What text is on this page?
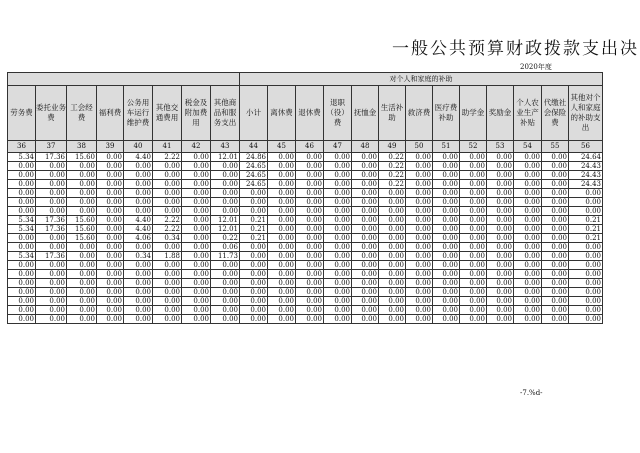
一般公共预算财政拨款支出决
2020年度
								对个人和家庭的补助												
劳务费	委托业务费	工会经费	福利费	公务用车运行维护费	其他交通费用	税金及附加费用	其他商品和服务支出	小计	离休费	退休费	退职（役）费	抚恤金	生活补助	救济费	医疗费补助	助学金	奖励金	个人农业生产补贴	代缴社会保险费	其他对个人和家庭的补助支出
36	37	38	39	40	41	42	43	44	45	46	47	48	49	50	51	52	53	54	55	56
5.34	17.36	15.60	0.00	4.40	2.22	0.00	12.01	24.86	0.00	0.00	0.00	0.00	0.22	0.00	0.00	0.00	0.00	0.00	0.00	24.64
0.00	0.00	0.00	0.00	0.00	0.00	0.00	0.00	24.65	0.00	0.00	0.00	0.00	0.22	0.00	0.00	0.00	0.00	0.00	0.00	24.43
0.00	0.00	0.00	0.00	0.00	0.00	0.00	0.00	24.65	0.00	0.00	0.00	0.00	0.22	0.00	0.00	0.00	0.00	0.00	0.00	24.43
0.00	0.00	0.00	0.00	0.00	0.00	0.00	0.00	24.65	0.00	0.00	0.00	0.00	0.22	0.00	0.00	0.00	0.00	0.00	0.00	24.43
0.00	0.00	0.00	0.00	0.00	0.00	0.00	0.00	0.00	0.00	0.00	0.00	0.00	0.00	0.00	0.00	0.00	0.00	0.00	0.00	0.00
0.00	0.00	0.00	0.00	0.00	0.00	0.00	0.00	0.00	0.00	0.00	0.00	0.00	0.00	0.00	0.00	0.00	0.00	0.00	0.00	0.00
0.00	0.00	0.00	0.00	0.00	0.00	0.00	0.00	0.00	0.00	0.00	0.00	0.00	0.00	0.00	0.00	0.00	0.00	0.00	0.00	0.00
5.34	17.36	15.60	0.00	4.40	2.22	0.00	12.01	0.21	0.00	0.00	0.00	0.00	0.00	0.00	0.00	0.00	0.00	0.00	0.00	0.21
5.34	17.36	15.60	0.00	4.40	2.22	0.00	12.01	0.21	0.00	0.00	0.00	0.00	0.00	0.00	0.00	0.00	0.00	0.00	0.00	0.21
0.00	0.00	15.60	0.00	4.06	0.34	0.00	0.22	0.21	0.00	0.00	0.00	0.00	0.00	0.00	0.00	0.00	0.00	0.00	0.00	0.21
0.00	0.00	0.00	0.00	0.00	0.00	0.00	0.06	0.00	0.00	0.00	0.00	0.00	0.00	0.00	0.00	0.00	0.00	0.00	0.00	0.00
5.34	17.36	0.00	0.00	0.34	1.88	0.00	11.73	0.00	0.00	0.00	0.00	0.00	0.00	0.00	0.00	0.00	0.00	0.00	0.00	0.00
0.00	0.00	0.00	0.00	0.00	0.00	0.00	0.00	0.00	0.00	0.00	0.00	0.00	0.00	0.00	0.00	0.00	0.00	0.00	0.00	0.00
0.00	0.00	0.00	0.00	0.00	0.00	0.00	0.00	0.00	0.00	0.00	0.00	0.00	0.00	0.00	0.00	0.00	0.00	0.00	0.00	0.00
0.00	0.00	0.00	0.00	0.00	0.00	0.00	0.00	0.00	0.00	0.00	0.00	0.00	0.00	0.00	0.00	0.00	0.00	0.00	0.00	0.00
0.00	0.00	0.00	0.00	0.00	0.00	0.00	0.00	0.00	0.00	0.00	0.00	0.00	0.00	0.00	0.00	0.00	0.00	0.00	0.00	0.00
0.00	0.00	0.00	0.00	0.00	0.00	0.00	0.00	0.00	0.00	0.00	0.00	0.00	0.00	0.00	0.00	0.00	0.00	0.00	0.00	0.00
0.00	0.00	0.00	0.00	0.00	0.00	0.00	0.00	0.00	0.00	0.00	0.00	0.00	0.00	0.00	0.00	0.00	0.00	0.00	0.00	0.00
0.00	0.00	0.00	0.00	0.00	0.00	0.00	0.00	0.00	0.00	0.00	0.00	0.00	0.00	0.00	0.00	0.00	0.00	0.00	0.00	0.00
-7.%d-
